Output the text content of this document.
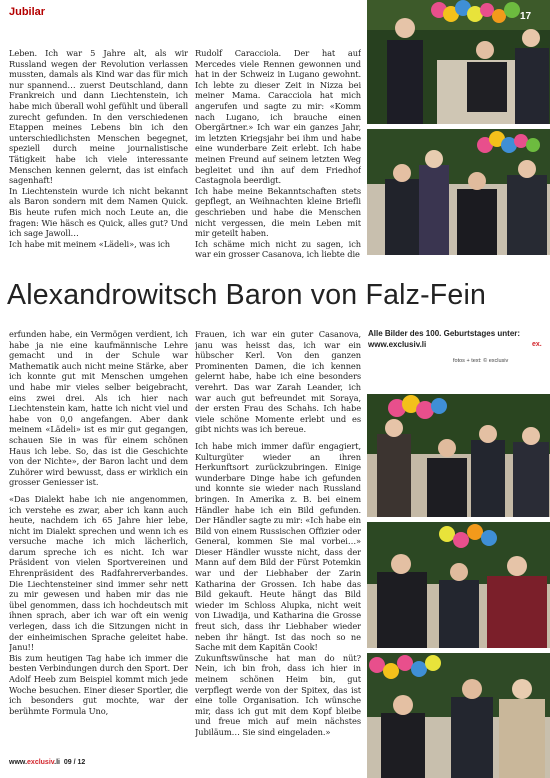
Jubilar

Leben. Ich war 5 Jahre alt, als wir Russland wegen der Revolution verlassen mussten, damals als Kind war das für mich nur spannend… zuerst Deutschland, dann Frankreich und dann Liechtenstein, ich habe mich überall wohl gefühlt und überall zurecht gefunden. In den verschiedenen Etappen meines Lebens bin ich den unterschiedlichsten Menschen begegnet, speziell durch meine journalistische Tätigkeit habe ich viele interessante Menschen kennen gelernt, das ist einfach sagenhaft!

In Liechtenstein wurde ich nicht bekannt als Baron sondern mit dem Namen Quick. Bis heute rufen mich noch Leute an, die fragen: Wie häsch es Quick, alles gut? Und ich sage Jawoll…

Ich habe mit meinem «Lädeli», was ich

Rudolf Caracciola. Der hat auf Mercedes viele Rennen gewonnen und hat in der Schweiz in Lugano gewohnt. Ich lebte zu dieser Zeit in Nizza bei meiner Mama. Caracciola hat mich angerufen und sagte zu mir: «Komm nach Lugano, ich brauche einen Obergärtner.» Ich war ein ganzes Jahr, im letzten Kriegsjahr bei ihm und habe eine wunderbare Zeit erlebt. Ich habe meinen Freund auf seinem letzten Weg begleitet und ihn auf dem Friedhof Castagnola beerdigt.

Ich habe meine Bekanntschaften stets gepflegt, an Weihnachten kleine Briefli geschrieben und habe die Menschen nicht vergessen, die mein Leben mit mir geteilt haben.

Ich schäme mich nicht zu sagen, ich war ein grosser Casanova, ich liebte die

Alexandrowitsch Baron von Falz-Fein

erfunden habe, ein Vermögen verdient, ich habe ja nie eine kaufmännische Lehre gemacht und in der Schule war Mathematik auch nicht meine Stärke, aber ich konnte gut mit Menschen umgehen und habe mir vieles selber beigebracht, eins zwei drei. Als ich hier nach Liechtenstein kam, hatte ich nicht viel und habe von 0,0 angefangen. Aber dank meinem «Lädeli» ist es mir gut gegangen, schauen Sie in was für einem schönen Haus ich lebe. So, das ist die Geschichte von der Nichte», der Baron lacht und dem Zuhörer wird bewusst, dass er wirklich ein grosser Geniesser ist.

«Das Dialekt habe ich nie angenommen, ich verstehe es zwar, aber ich kann auch heute, nachdem ich 65 Jahre hier lebe, nicht im Dialekt sprechen und wenn ich es versuche mache ich mich lächerlich, darum spreche ich es nicht. Ich war Präsident von vielen Sportvereinen und Ehrenpräsident des Radfahrerverbandes. Die Liechtensteiner sind immer sehr nett zu mir gewesen und haben mir das nie übel genommen, dass ich hochdeutsch mit ihnen sprach, aber ich war oft ein wenig verlegen, dass ich die Sitzungen nicht in der einheimischen Sprache geleitet habe. Janu!!

Bis zum heutigen Tag habe ich immer die besten Verbindungen durch den Sport. Der Adolf Heeb zum Beispiel kommt mich jede Woche besuchen. Einer dieser Sportler, die ich besonders gut mochte, war der berühmte Formula Uno,

Frauen, ich war ein guter Casanova, janu was heisst das, ich war ein hübscher Kerl. Von den ganzen Prominenten Damen, die ich kennen gelernt habe, habe ich eine besonders verehrt. Das war Zarah Leander, ich war auch gut befreundet mit Soraya, der ersten Frau des Schahs. Ich habe viele schöne Momente erlebt und es gibt nichts was ich bereue.

Ich habe mich immer dafür engagiert, Kulturgüter wieder an ihren Herkunftsort zurückzubringen. Einige wunderbare Dinge habe ich gefunden und konnte sie wieder nach Russland bringen. In Amerika z. B. bei einem Händler habe ich ein Bild gefunden. Der Händler sagte zu mir: «Ich habe ein Bild von einem Russischen Offizier oder General, kommen Sie mal vorbei…» Dieser Händler wusste nicht, dass der Mann auf dem Bild der Fürst Potemkin war und der Liebhaber der Zarin Katharina der Grossen. Ich habe das Bild gekauft. Heute hängt das Bild wieder im Schloss Alupka, nicht weit von Liwadija, und Katharina die Grosse freut sich, dass ihr Liebhaber wieder neben ihr hängt. Ist das noch so ne Sache mit dem Kapitän Cook!

Zukunftswünsche hat man do nüt? Nein, ich bin froh, dass ich hier in meinem schönen Heim bin, gut verpflegt werde von der Spitex, das ist eine tolle Organisation. Ich wünsche mir, dass ich gut mit dem Kopf bleibe und freue mich auf mein nächstes Jubiläum… Sie sind eingeladen.»

17
Alle Bilder des 100. Geburtstages unter:
www.exclusiv.li	ex.
fotos + text: © exclusiv
www.exclusiv.li 09 / 12
